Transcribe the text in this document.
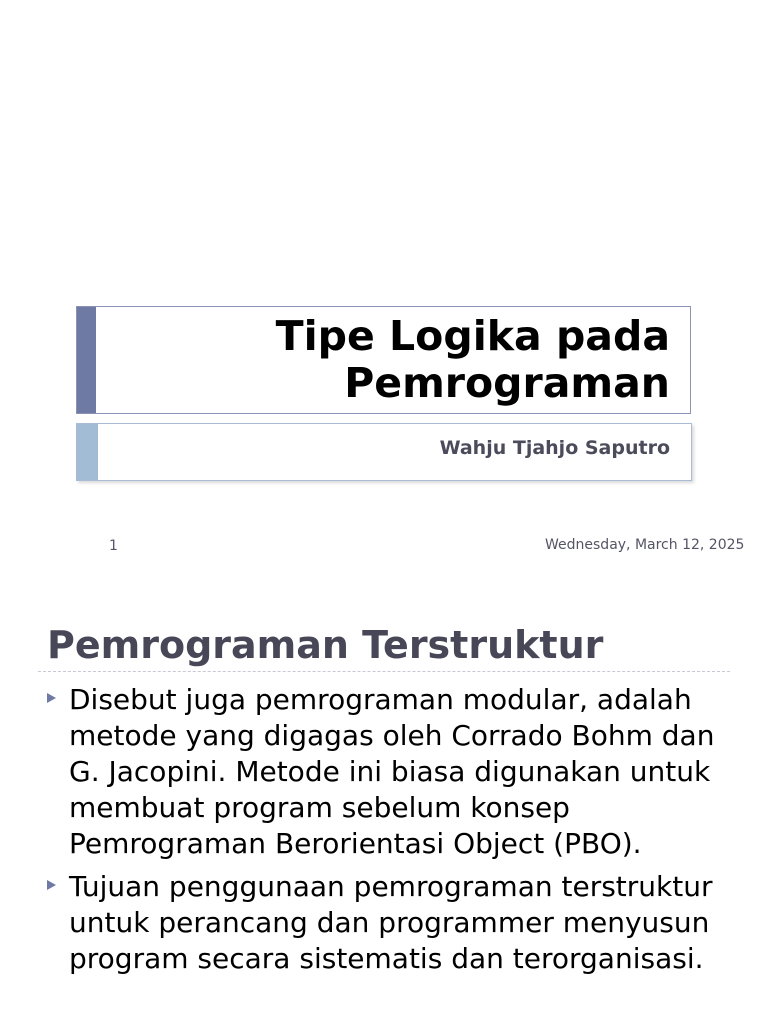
Tipe Logika pada Pemrograman

Wahju Tjahjo Saputro

1	Wednesday, March 12, 2025
Pemrograman Terstruktur
Disebut juga pemrograman modular, adalah metode yang digagas oleh Corrado Bohm dan G. Jacopini. Metode ini biasa digunakan untuk membuat program sebelum konsep Pemrograman Berorientasi Object (PBO).
Tujuan penggunaan pemrograman terstruktur untuk perancang dan programmer menyusun program secara sistematis dan terorganisasi.
